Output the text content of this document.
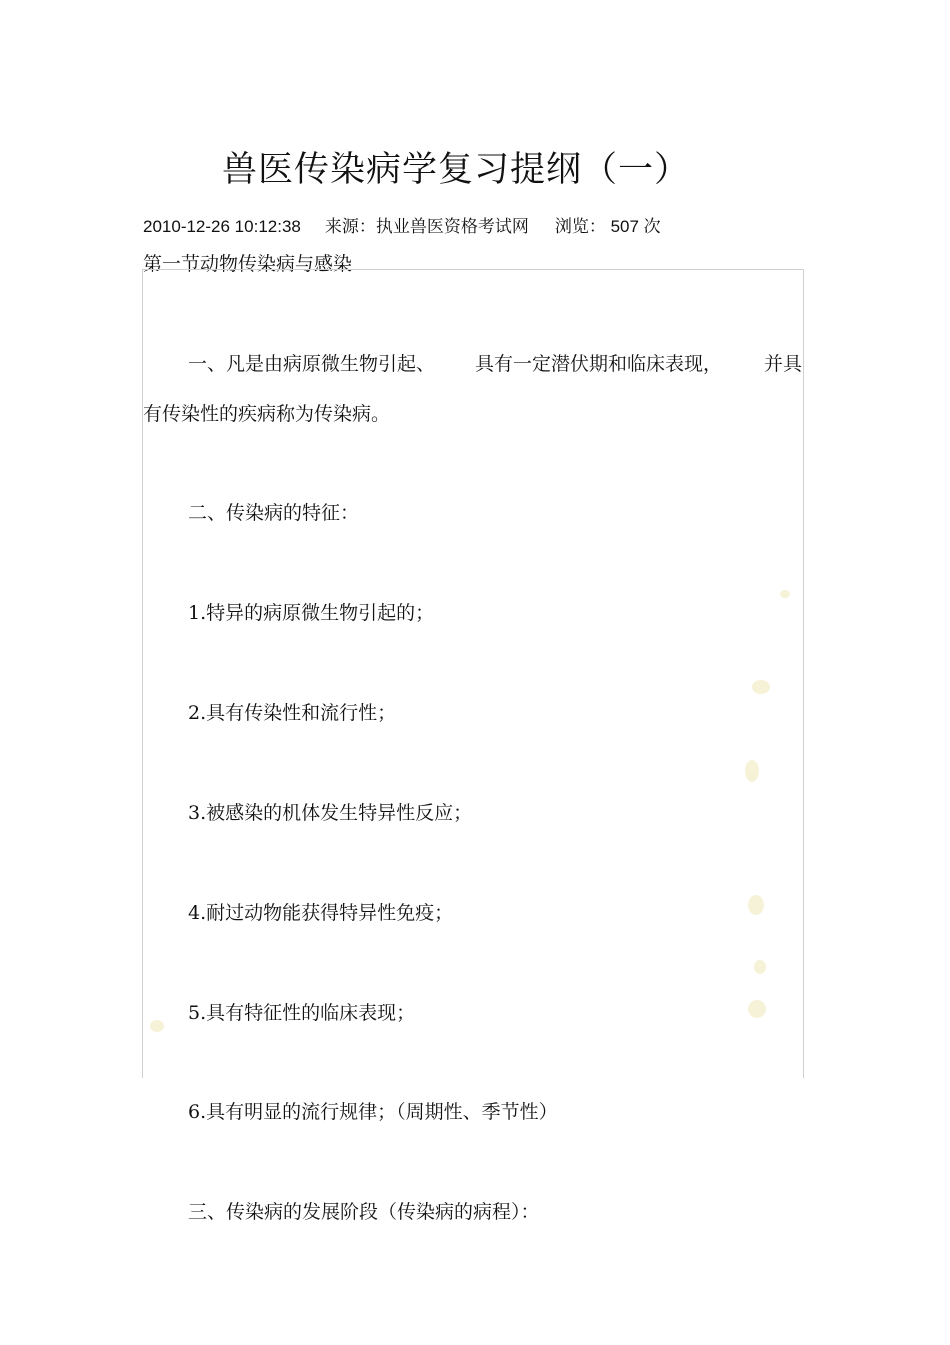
兽医传染病学复习提纲（一）
2010-12-26 10:12:38 来源：执业兽医资格考试网 浏览： 507 次
第一节动物传染病与感染
一、凡是由病原微生物引起、 具有一定潜伏期和临床表现， 并具
有传染性的疾病称为传染病。
二、传染病的特征：
1.特异的病原微生物引起的；
2.具有传染性和流行性；
3.被感染的机体发生特异性反应；
4.耐过动物能获得特异性免疫；
5.具有特征性的临床表现；
6.具有明显的流行规律；（周期性、季节性）
三、传染病的发展阶段（传染病的病程）：
